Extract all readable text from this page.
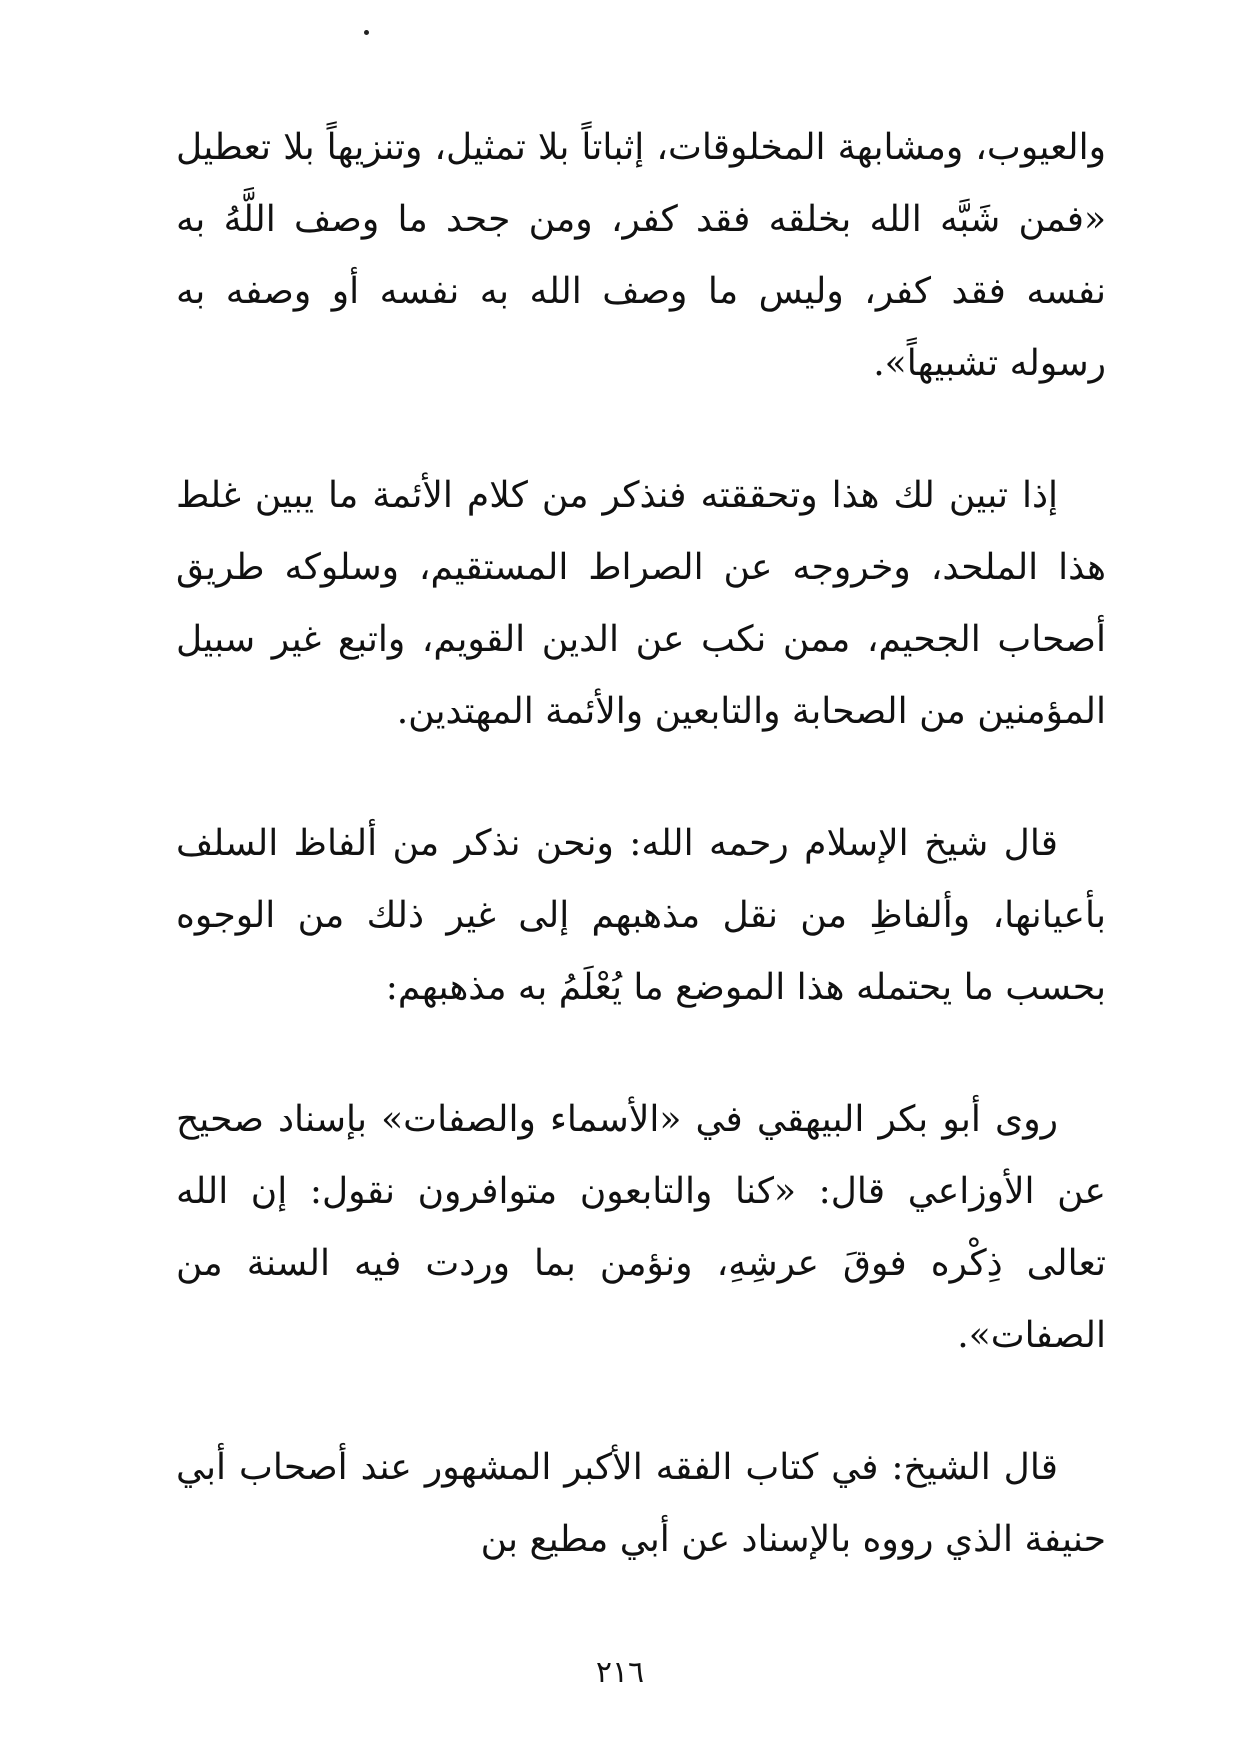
والعيوب، ومشابهة المخلوقات، إثباتاً بلا تمثيل، وتنزيهاً بلا تعطيل «فمن شَبَّه الله بخلقه فقد كفر، ومن جحد ما وصف اللَّهُ به نفسه فقد كفر، وليس ما وصف الله به نفسه أو وصفه به رسوله تشبيهاً».

إذا تبين لك هذا وتحققته فنذكر من كلام الأئمة ما يبين غلط هذا الملحد، وخروجه عن الصراط المستقيم، وسلوكه طريق أصحاب الجحيم، ممن نكب عن الدين القويم، واتبع غير سبيل المؤمنين من الصحابة والتابعين والأئمة المهتدين.

قال شيخ الإسلام رحمه الله: ونحن نذكر من ألفاظ السلف بأعيانها، وألفاظِ من نقل مذهبهم إلى غير ذلك من الوجوه بحسب ما يحتمله هذا الموضع ما يُعْلَمُ به مذهبهم:

روى أبو بكر البيهقي في «الأسماء والصفات» بإسناد صحيح عن الأوزاعي قال: «كنا والتابعون متوافرون نقول: إن الله تعالى ذِكْره فوقَ عرشِهِ، ونؤمن بما وردت فيه السنة من الصفات».

قال الشيخ: في كتاب الفقه الأكبر المشهور عند أصحاب أبي حنيفة الذي رووه بالإسناد عن أبي مطيع بن

٢١٦
